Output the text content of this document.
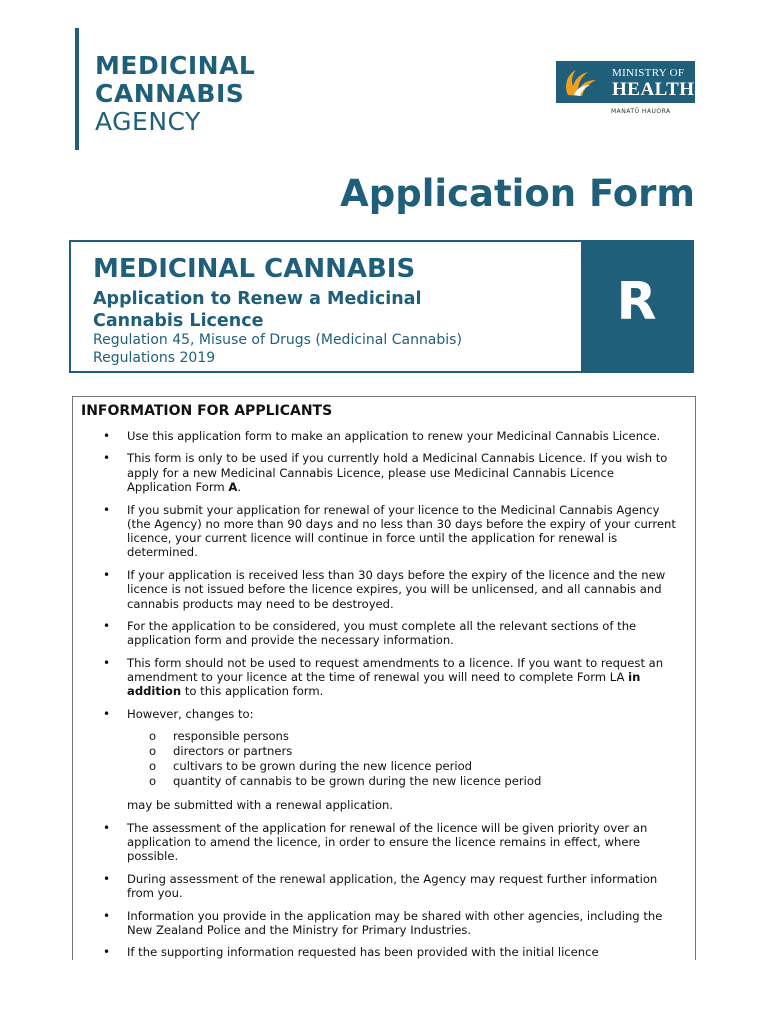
MEDICINAL
CANNABIS
AGENCY
MINISTRY OF
HEALTH
MANATŪ HAUORA
Application Form
MEDICINAL CANNABIS
Application to Renew a Medicinal Cannabis Licence
Regulation 45, Misuse of Drugs (Medicinal Cannabis) Regulations 2019
R
INFORMATION FOR APPLICANTS
• Use this application form to make an application to renew your Medicinal Cannabis Licence.
• This form is only to be used if you currently hold a Medicinal Cannabis Licence. If you wish to apply for a new Medicinal Cannabis Licence, please use Medicinal Cannabis Licence Application Form A.
• If you submit your application for renewal of your licence to the Medicinal Cannabis Agency (the Agency) no more than 90 days and no less than 30 days before the expiry of your current licence, your current licence will continue in force until the application for renewal is determined.
• If your application is received less than 30 days before the expiry of the licence and the new licence is not issued before the licence expires, you will be unlicensed, and all cannabis and cannabis products may need to be destroyed.
• For the application to be considered, you must complete all the relevant sections of the application form and provide the necessary information.
• This form should not be used to request amendments to a licence. If you want to request an amendment to your licence at the time of renewal you will need to complete Form LA in addition to this application form.
• However, changes to:
o responsible persons
o directors or partners
o cultivars to be grown during the new licence period
o quantity of cannabis to be grown during the new licence period
may be submitted with a renewal application.
• The assessment of the application for renewal of the licence will be given priority over an application to amend the licence, in order to ensure the licence remains in effect, where possible.
• During assessment of the renewal application, the Agency may request further information from you.
• Information you provide in the application may be shared with other agencies, including the New Zealand Police and the Ministry for Primary Industries.
• If the supporting information requested has been provided with the initial licence
